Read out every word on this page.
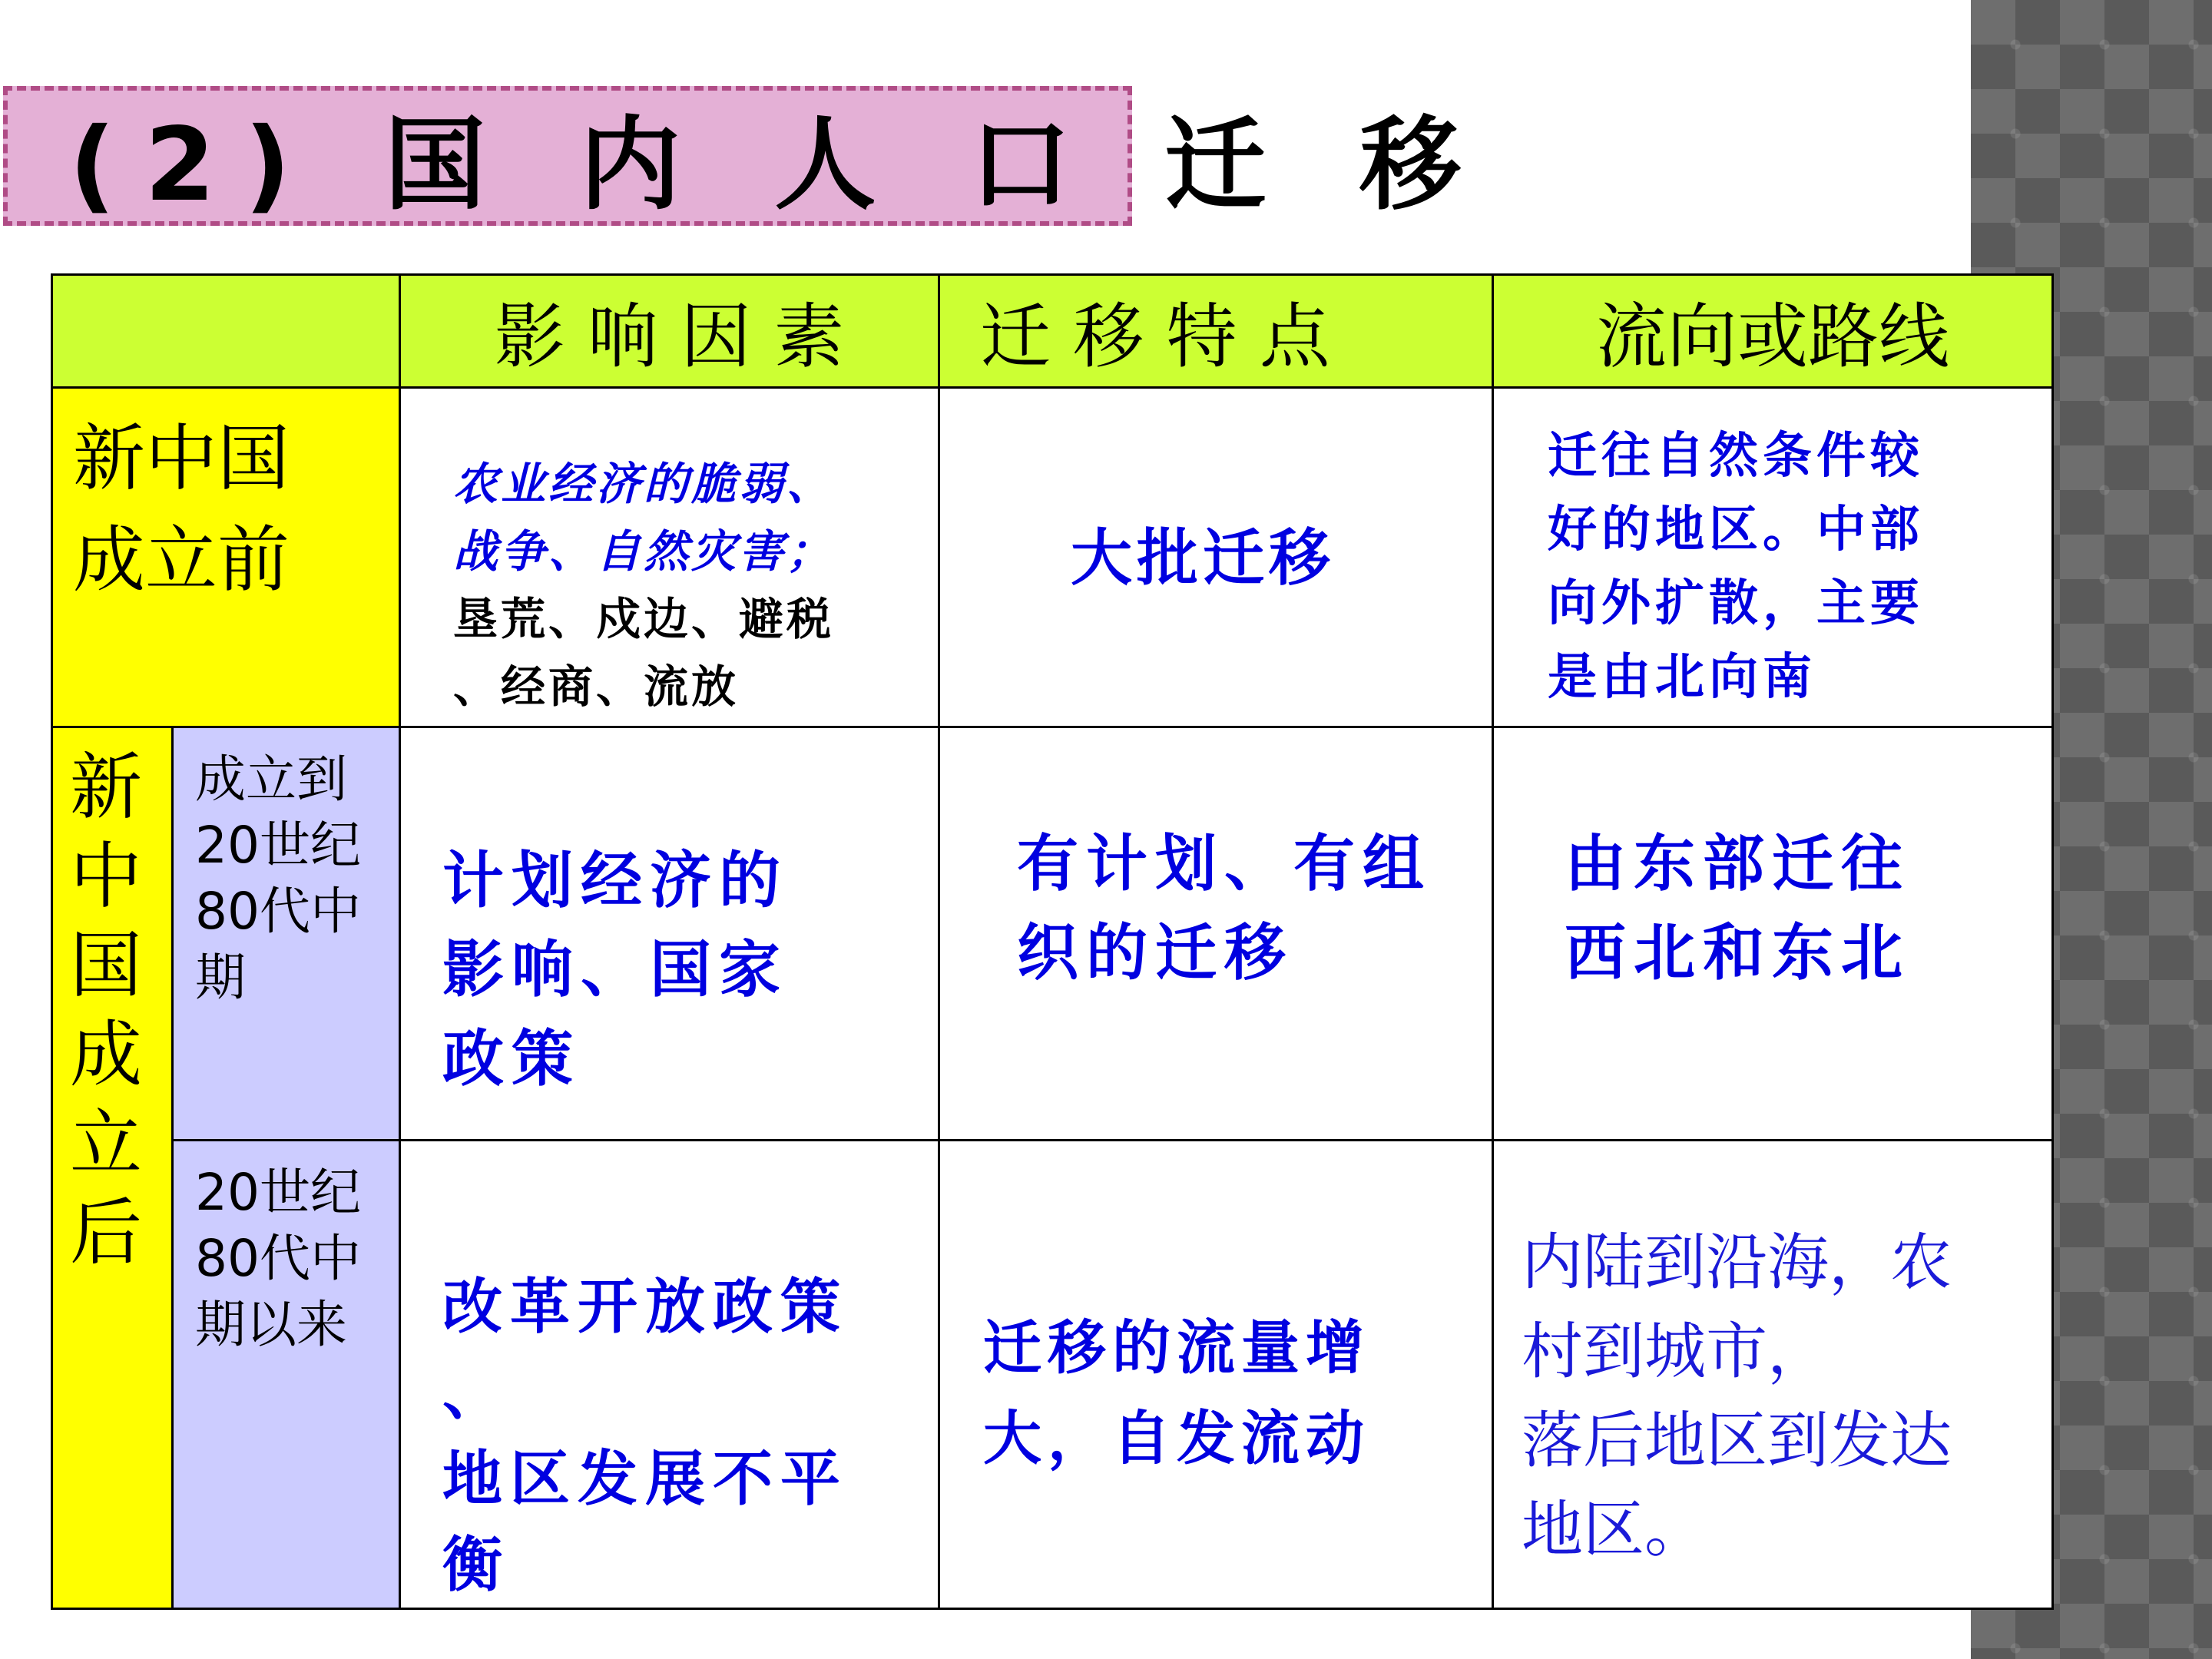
(2) 国 内 人 口 迁 移
影 响 因 素 迁 移 特 点	流向或路线
新中国
成立前
农业经济的脆弱、
战争、自然灾害；
垦荒、戍边、避税
、经商、流放
大批迁移
迁往自然条件较
好的地区。中部
向外扩散，主要
是由北向南
新
中
国
成
立
后
成立到
20世纪
80代中
期
计划经济的
影响、国家
政策
有计划、有组
织的迁移
由东部迁往
西北和东北
20世纪
80代中
期以来 改革开放政策
、
地区发展不平
衡
迁移的流量增
大，自发流动
内陆到沿海，农
村到城市，
落后地区到发达
地区。
